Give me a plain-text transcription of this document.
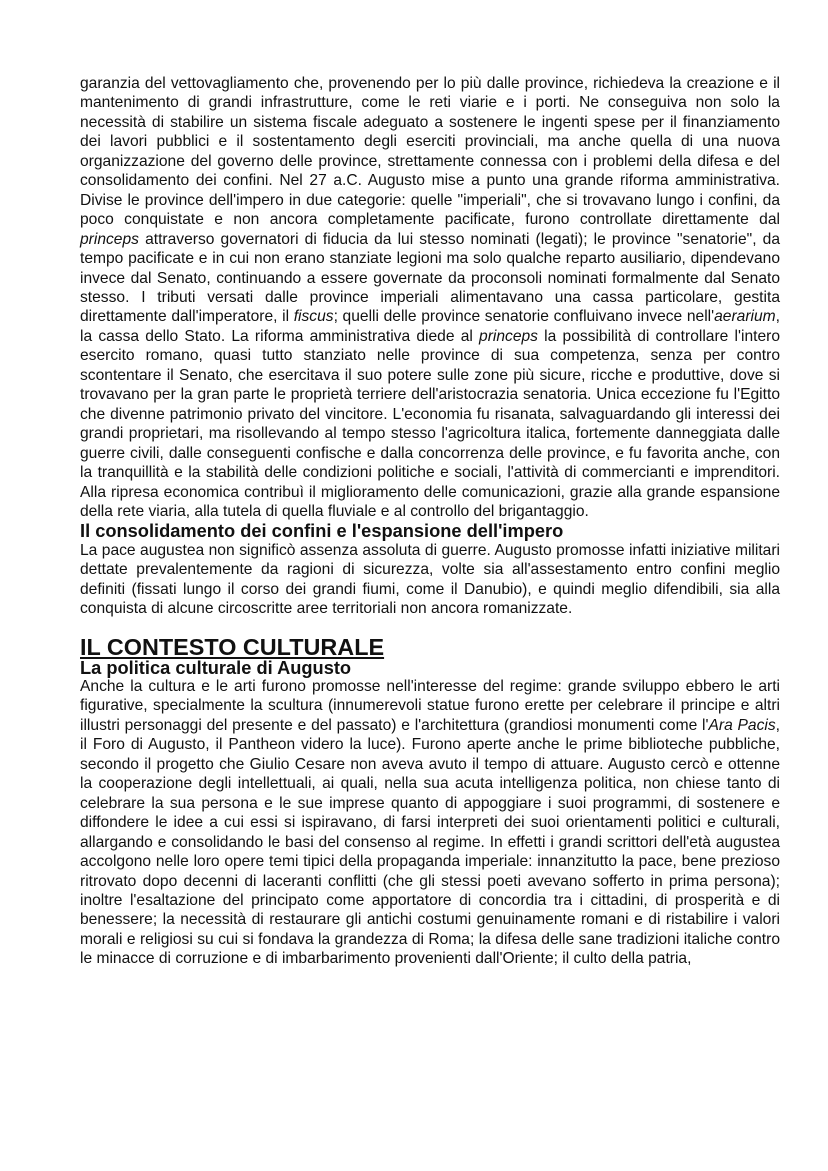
garanzia del vettovagliamento che, provenendo per lo più dalle province, richiedeva la creazione e il mantenimento di grandi infrastrutture, come le reti viarie e i porti. Ne conseguiva non solo la necessità di stabilire un sistema fiscale adeguato a sostenere le ingenti spese per il finanziamento dei lavori pubblici e il sostentamento degli eserciti provinciali, ma anche quella di una nuova organizzazione del governo delle province, strettamente connessa con i problemi della difesa e del consolidamento dei confini. Nel 27 a.C. Augusto mise a punto una grande riforma amministrativa. Divise le province dell'impero in due categorie: quelle "imperiali", che si trovavano lungo i confini, da poco conquistate e non ancora completamente pacificate, furono controllate direttamente dal princeps attraverso governatori di fiducia da lui stesso nominati (legati); le province "senatorie", da tempo pacificate e in cui non erano stanziate legioni ma solo qualche reparto ausiliario, dipendevano invece dal Senato, continuando a essere governate da proconsoli nominati formalmente dal Senato stesso. I tributi versati dalle province imperiali alimentavano una cassa particolare, gestita direttamente dall'imperatore, il fiscus; quelli delle province senatorie confluivano invece nell'aerarium, la cassa dello Stato. La riforma amministrativa diede al princeps la possibilità di controllare l'intero esercito romano, quasi tutto stanziato nelle province di sua competenza, senza per contro scontentare il Senato, che esercitava il suo potere sulle zone più sicure, ricche e produttive, dove si trovavano per la gran parte le proprietà terriere dell'aristocrazia senatoria. Unica eccezione fu l'Egitto che divenne patrimonio privato del vincitore. L'economia fu risanata, salvaguardando gli interessi dei grandi proprietari, ma risollevando al tempo stesso l'agricoltura italica, fortemente danneggiata dalle guerre civili, dalle conseguenti confische e dalla concorrenza delle province, e fu favorita anche, con la tranquillità e la stabilità delle condizioni politiche e sociali, l'attività di commercianti e imprenditori. Alla ripresa economica contribuì il miglioramento delle comunicazioni, grazie alla grande espansione della rete viaria, alla tutela di quella fluviale e al controllo del brigantaggio.

Il consolidamento dei confini e l'espansione dell'impero

La pace augustea non significò assenza assoluta di guerre. Augusto promosse infatti iniziative militari dettate prevalentemente da ragioni di sicurezza, volte sia all'assestamento entro confini meglio definiti (fissati lungo il corso dei grandi fiumi, come il Danubio), e quindi meglio difendibili, sia alla conquista di alcune circoscritte aree territoriali non ancora romanizzate.

IL CONTESTO CULTURALE
La politica culturale di Augusto

Anche la cultura e le arti furono promosse nell'interesse del regime: grande sviluppo ebbero le arti figurative, specialmente la scultura (innumerevoli statue furono erette per celebrare il principe e altri illustri personaggi del presente e del passato) e l'architettura (grandiosi monumenti come l'Ara Pacis, il Foro di Augusto, il Pantheon videro la luce). Furono aperte anche le prime biblioteche pubbliche, secondo il progetto che Giulio Cesare non aveva avuto il tempo di attuare. Augusto cercò e ottenne la cooperazione degli intellettuali, ai quali, nella sua acuta intelligenza politica, non chiese tanto di celebrare la sua persona e le sue imprese quanto di appoggiare i suoi programmi, di sostenere e diffondere le idee a cui essi si ispiravano, di farsi interpreti dei suoi orientamenti politici e culturali, allargando e consolidando le basi del consenso al regime. In effetti i grandi scrittori dell'età augustea accolgono nelle loro opere temi tipici della propaganda imperiale: innanzitutto la pace, bene prezioso ritrovato dopo decenni di laceranti conflitti (che gli stessi poeti avevano sofferto in prima persona); inoltre l'esaltazione del principato come apportatore di concordia tra i cittadini, di prosperità e di benessere; la necessità di restaurare gli antichi costumi genuinamente romani e di ristabilire i valori morali e religiosi su cui si fondava la grandezza di Roma; la difesa delle sane tradizioni italiche contro le minacce di corruzione e di imbarbarimento provenienti dall'Oriente; il culto della patria,
